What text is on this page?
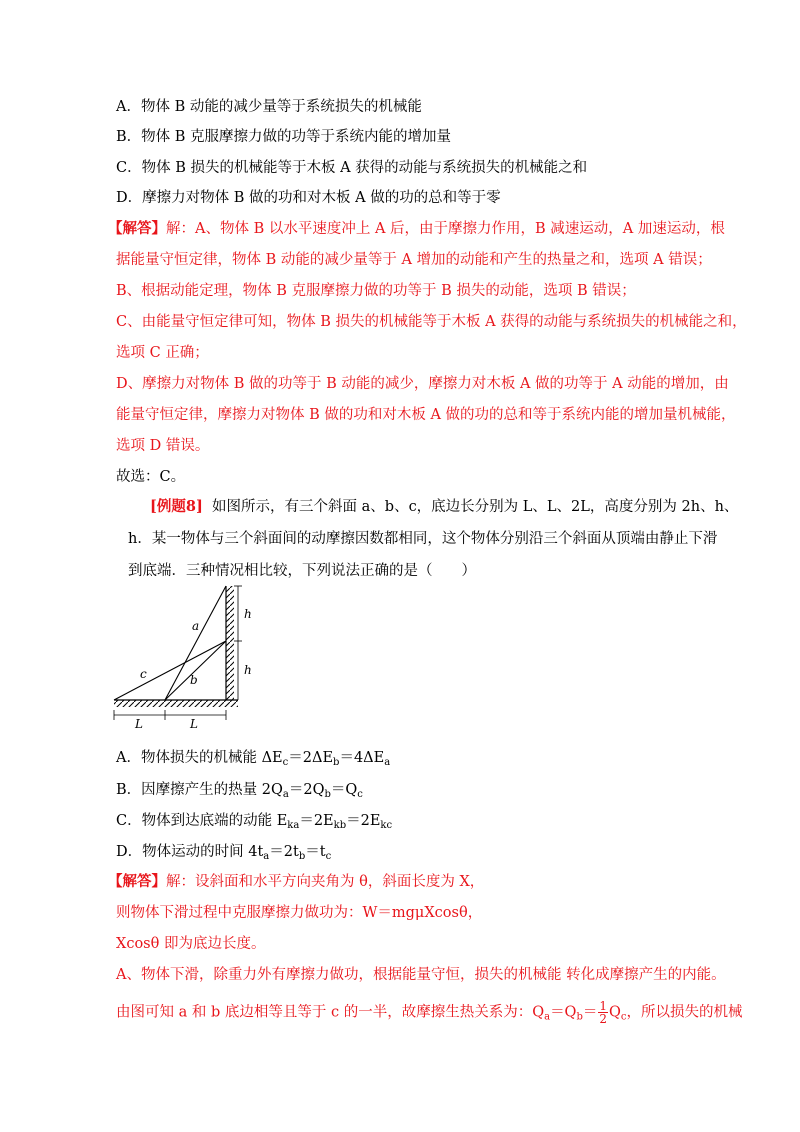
A．物体 B 动能的减少量等于系统损失的机械能
B．物体 B 克服摩擦力做的功等于系统内能的增加量
C．物体 B 损失的机械能等于木板 A 获得的动能与系统损失的机械能之和
D．摩擦力对物体 B 做的功和对木板 A 做的功的总和等于零
【解答】解：A、物体 B 以水平速度冲上 A 后，由于摩擦力作用，B 减速运动，A 加速运动，根
据能量守恒定律，物体 B 动能的减少量等于 A 增加的动能和产生的热量之和，选项 A 错误；
B、根据动能定理，物体 B 克服摩擦力做的功等于 B 损失的动能，选项 B 错误；
C、由能量守恒定律可知，物体 B 损失的机械能等于木板 A 获得的动能与系统损失的机械能之和，
选项 C 正确；
D、摩擦力对物体 B 做的功等于 B 动能的减少，摩擦力对木板 A 做的功等于 A 动能的增加，由
能量守恒定律，摩擦力对物体 B 做的功和对木板 A 做的功的总和等于系统内能的增加量机械能，
选项 D 错误。
故选：C。
[例题8] 如图所示，有三个斜面 a、b、c，底边长分别为 L、L、2L，高度分别为 2h、h、
h．某一物体与三个斜面间的动摩擦因数都相同，这个物体分别沿三个斜面从顶端由静止下滑
到底端．三种情况相比较，下列说法正确的是（　　）
a
b
c
h
h
L	L
A．物体损失的机械能 $\Delta E_c=2\Delta E_b=4\Delta E_a$
B．因摩擦产生的热量 $2Q_a=2Q_b=Q_c$
C．物体到达底端的动能 $E_{ka}=2E_{kb}=2E_{kc}$
D．物体运动的时间 $4t_a=2t_b=t_c$
【解答】解：设斜面和水平方向夹角为 θ，斜面长度为 X，
则物体下滑过程中克服摩擦力做功为：W＝mgμXcosθ，
Xcosθ 即为底边长度。
A、物体下滑，除重力外有摩擦力做功，根据能量守恒，损失的机械能 转化成摩擦产生的内能。
由图可知 a 和 b 底边相等且等于 c 的一半，故摩擦生热关系为：$Q_a=Q_b= \frac{1}{2} Q_c$，所以损失的机械
